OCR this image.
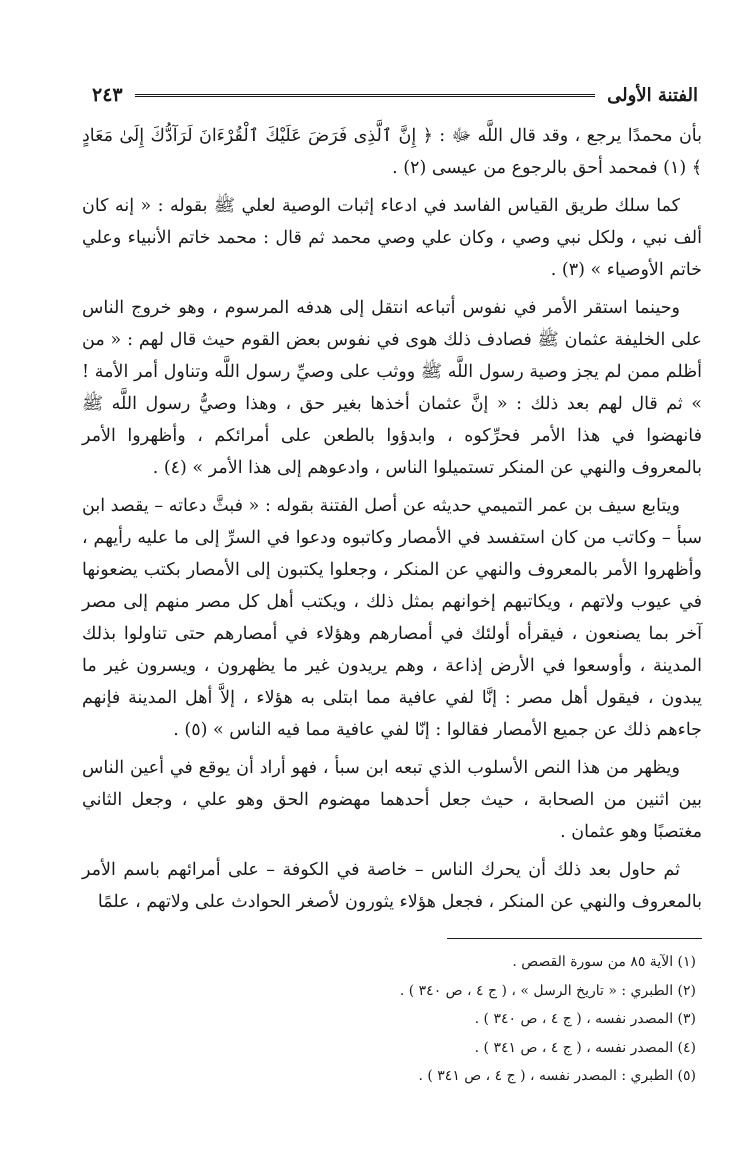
الفتنة الأولى
٢٤٣

بأن محمدًا يرجع ، وقد قال اللَّه ﷻ : ﴿ إِنَّ ٱلَّذِى فَرَضَ عَلَيْكَ ٱلْقُرْءَانَ لَرَآدُّكَ إِلَىٰ مَعَادٍ ﴾ (١) فمحمد أحق بالرجوع من عيسى (٢) .

كما سلك طريق القياس الفاسد في ادعاء إثبات الوصية لعلي ﷺ بقوله : « إنه كان ألف نبي ، ولكل نبي وصي ، وكان علي وصي محمد ثم قال : محمد خاتم الأنبياء وعلي خاتم الأوصياء » (٣) .

وحينما استقر الأمر في نفوس أتباعه انتقل إلى هدفه المرسوم ، وهو خروج الناس على الخليفة عثمان ﷺ فصادف ذلك هوى في نفوس بعض القوم حيث قال لهم : « من أظلم ممن لم يجز وصية رسول اللَّه ﷺ ووثب على وصيِّ رسول اللَّه وتناول أمر الأمة ! » ثم قال لهم بعد ذلك : « إنَّ عثمان أخذها بغير حق ، وهذا وصيُّ رسول اللَّه ﷺ فانهضوا في هذا الأمر فحرِّكوه ، وابدؤوا بالطعن على أمرائكم ، وأظهروا الأمر بالمعروف والنهي عن المنكر تستميلوا الناس ، وادعوهم إلى هذا الأمر » (٤) .

ويتابع سيف بن عمر التميمي حديثه عن أصل الفتنة بقوله : « فبثَّ دعاته – يقصد ابن سبأ – وكاتب من كان استفسد في الأمصار وكاتبوه ودعوا في السرِّ إلى ما عليه رأيهم ، وأظهروا الأمر بالمعروف والنهي عن المنكر ، وجعلوا يكتبون إلى الأمصار بكتب يضعونها في عيوب ولاتهم ، ويكاتبهم إخوانهم بمثل ذلك ، ويكتب أهل كل مصر منهم إلى مصر آخر بما يصنعون ، فيقرأه أولئك في أمصارهم وهؤلاء في أمصارهم حتى تناولوا بذلك المدينة ، وأوسعوا في الأرض إذاعة ، وهم يريدون غير ما يظهرون ، ويسرون غير ما يبدون ، فيقول أهل مصر : إنَّا لفي عافية مما ابتلى به هؤلاء ، إلاَّ أهل المدينة فإنهم جاءهم ذلك عن جميع الأمصار فقالوا : إنّا لفي عافية مما فيه الناس » (٥) .

ويظهر من هذا النص الأسلوب الذي تبعه ابن سبأ ، فهو أراد أن يوقع في أعين الناس بين اثنين من الصحابة ، حيث جعل أحدهما مهضوم الحق وهو علي ، وجعل الثاني مغتصبًا وهو عثمان .

ثم حاول بعد ذلك أن يحرك الناس – خاصة في الكوفة – على أمرائهم باسم الأمر بالمعروف والنهي عن المنكر ، فجعل هؤلاء يثورون لأصغر الحوادث على ولاتهم ، علمًا

(١) الآية ٨٥ من سورة القصص .
(٢) الطبري : « تاريخ الرسل » ، ( ج ٤ ، ص ٣٤٠ ) .
(٣) المصدر نفسه ، ( ج ٤ ، ص ٣٤٠ ) .
(٤) المصدر نفسه ، ( ج ٤ ، ص ٣٤١ ) .
(٥) الطبري : المصدر نفسه ، ( ج ٤ ، ص ٣٤١ ) .
